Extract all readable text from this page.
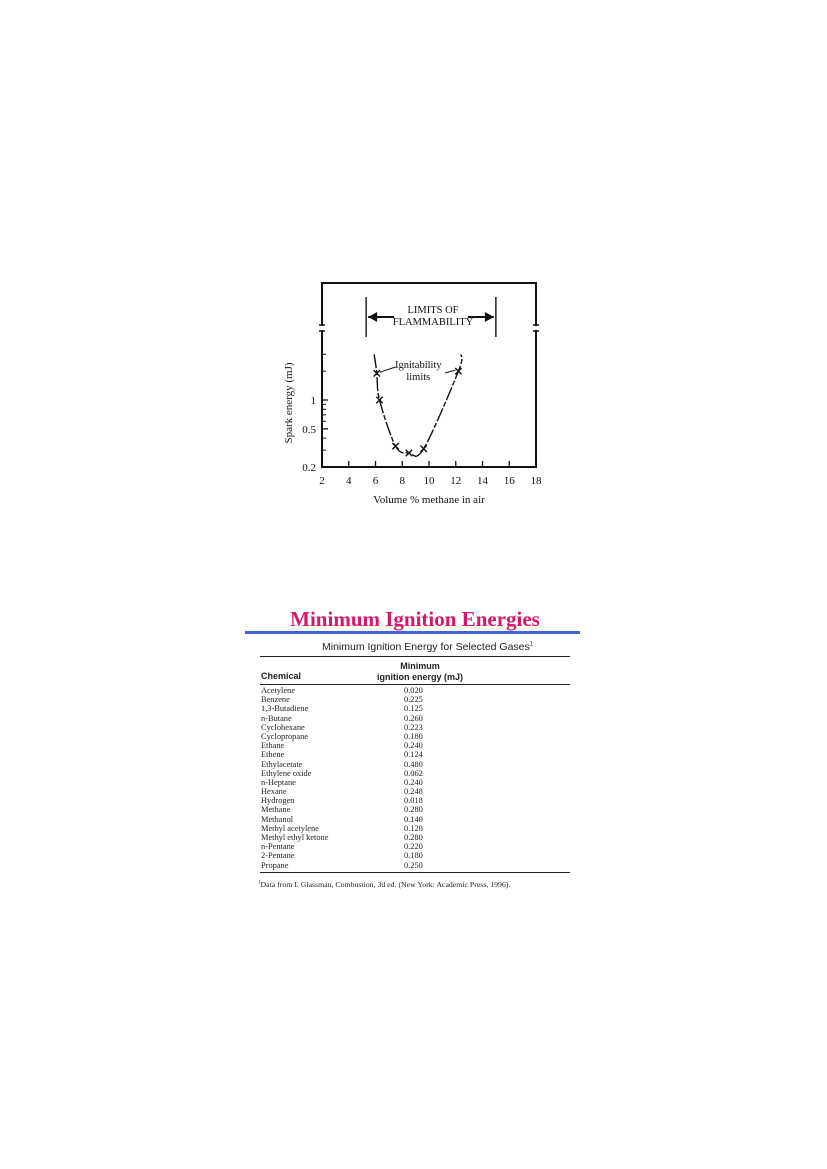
2 4 6 8 10 12 14 16 18
0.2
0.5
1
Volume % methane in air
Spark energy (mJ)
LIMITS OF
FLAMMABILITY
Ignitability
limits
Minimum Ignition Energies
Minimum Ignition Energy for Selected Gases$^1$
Minimum
ignition energy (mJ)
Chemical
Acetylene	0.020
Benzene	0.225
1,3-Butadiene	0.125
n-Butane	0.260
Cyclohexane	0.223
Cyclopropane	0.180
Ethane	0.240
Ethene	0.124
Ethylacetate	0.480
Ethylene oxide	0.062
n-Heptane	0.240
Hexane	0.248
Hydrogen	0.018
Methane	0.280
Methanol	0.140
Methyl acetylene	0.120
Methyl ethyl ketone	0.280
n-Pentane	0.220
2-Pentane	0.180
Propane	0.250
$^1$Data from I. Glassman, Combustion, 3d ed. (New York: Academic Press, 1996).
